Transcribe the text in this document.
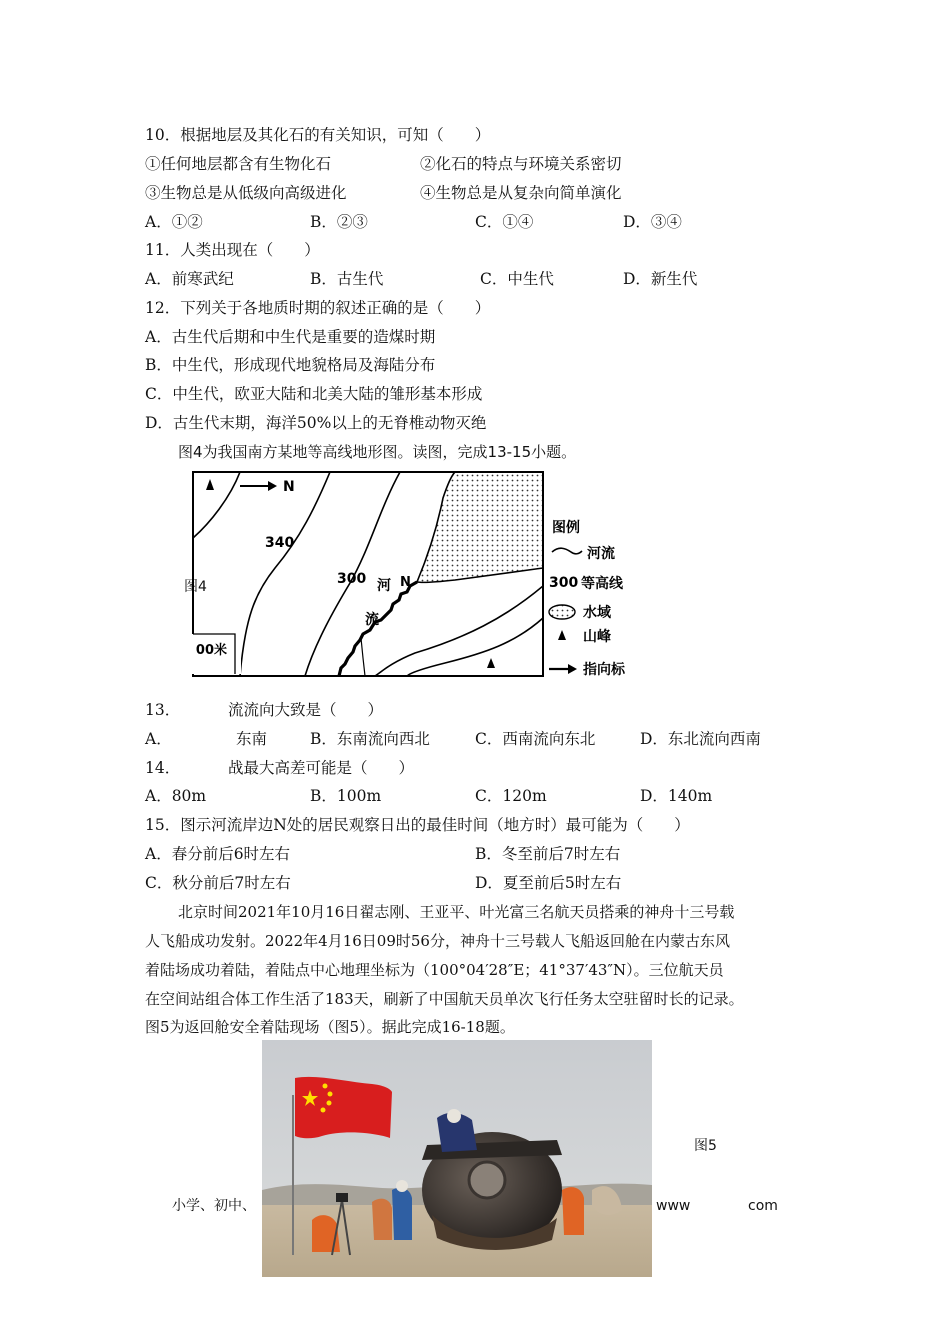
10．根据地层及其化石的有关知识，可知（　　）
①任何地层都含有生物化石	②化石的特点与环境关系密切
③生物总是从低级向高级进化	④生物总是从复杂向简单演化
A．①②	B．②③	C．①④	D．③④
11．人类出现在（　　）
A．前寒武纪	B．古生代	C．中生代	D．新生代
12．下列关于各地质时期的叙述正确的是（　　）
A．古生代后期和中生代是重要的造煤时期
B．中生代，形成现代地貌格局及海陆分布
C．中生代，欧亚大陆和北美大陆的雏形基本形成
D．古生代末期，海洋50%以上的无脊椎动物灭绝
图4为我国南方某地等高线地形图。读图，完成13-15小题。
图4
00米
N
340
300 河
流
N
图例
河流
300 等高线
水域
山峰
指向标
13．	流流向大致是（　　）
A．	东南	B．东南流向西北	C．西南流向东北	D．东北流向西南
14．	战最大高差可能是（　　）
A．80m	B．100m	C．120m	D．140m
15．图示河流岸边N处的居民观察日出的最佳时间（地方时）最可能为（　　）
A．春分前后6时左右	B．冬至前后7时左右
C．秋分前后7时左右	D．夏至前后5时左右
北京时间2021年10月16日翟志刚、王亚平、叶光富三名航天员搭乘的神舟十三号载
人飞船成功发射。2022年4月16日09时56分，神舟十三号载人飞船返回舱在内蒙古东风
着陆场成功着陆，着陆点中心地理坐标为（100°04′28″E；41°37′43″N）。三位航天员
在空间站组合体工作生活了183天，刷新了中国航天员单次飞行任务太空驻留时长的记录。
图5为返回舱安全着陆现场（图5）。据此完成16-18题。
图5
小学、初中、	www	com
